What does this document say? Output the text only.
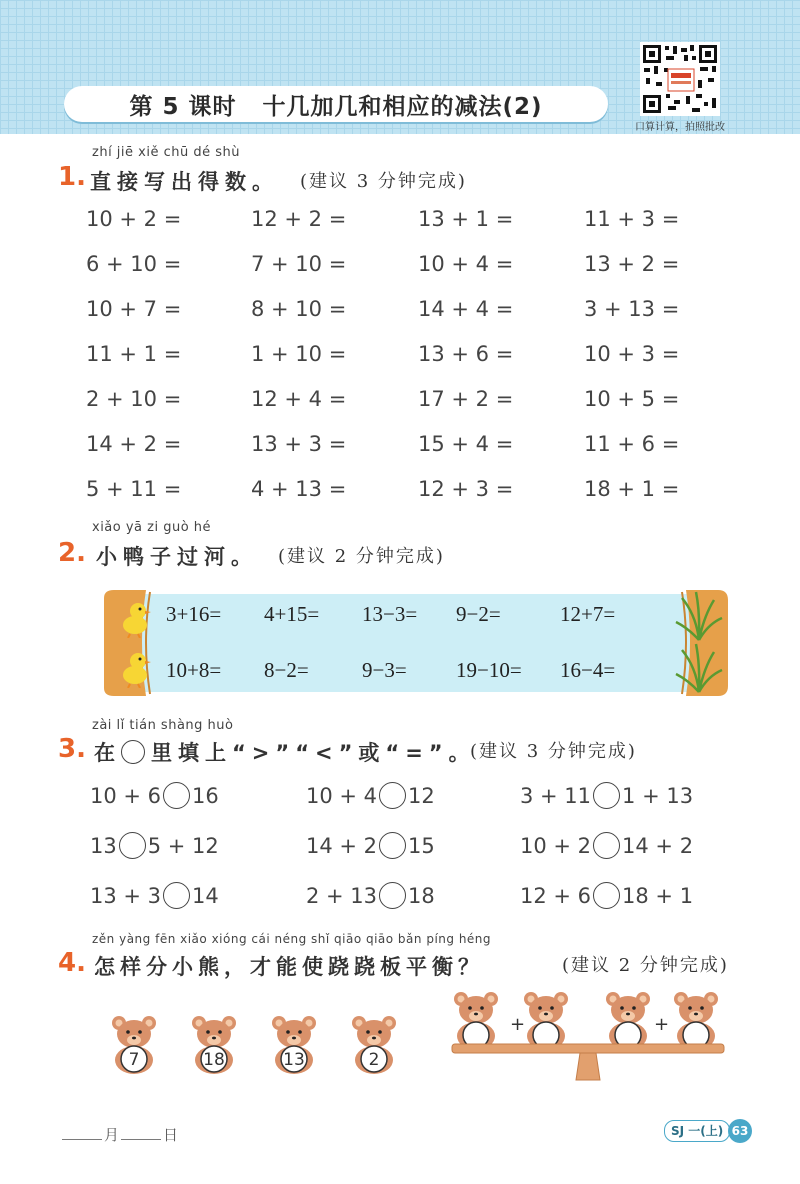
第 5 课时 十几加几和相应的减法(2)
口算计算，拍照批改
zhí jiē xiě chū dé shù
1. 直接写出得数。 (建议 3 分钟完成)
10 + 2 =	12 + 2 =	13 + 1 =	11 + 3 =
6 + 10 =	7 + 10 =	10 + 4 =	13 + 2 =
10 + 7 =	8 + 10 =	14 + 4 =	3 + 13 =
11 + 1 =	1 + 10 =	13 + 6 =	10 + 3 =
2 + 10 =	12 + 4 =	17 + 2 =	10 + 5 =
14 + 2 =	13 + 3 =	15 + 4 =	11 + 6 =
5 + 11 =	4 + 13 =	12 + 3 =	18 + 1 =
xiǎo yā zi guò hé
2. 小鸭子过河。 (建议 2 分钟完成)
3+16= 4+15= 13−3= 9−2=	12+7=
10+8= 8−2=	9−3= 19−10= 16−4=
zài lǐ tián shàng huò
3. 在 里填上“>”“<”或“=”。
(建议 3 分钟完成)
10 + 6 16	10 + 4 12	3 + 11 1 + 13
13 5 + 12	14 + 2 15	10 + 2 14 + 2
13 + 3 14	2 + 13 18	12 + 6 18 + 1
zěn yàng fēn xiǎo xióng cái néng shǐ qiāo qiāo bǎn píng héng
4. 怎样分小熊，才能使跷跷板平衡？	(建议 2 分钟完成)
7	18	13	2
+	+
月	日	SJ 一(上) 63
